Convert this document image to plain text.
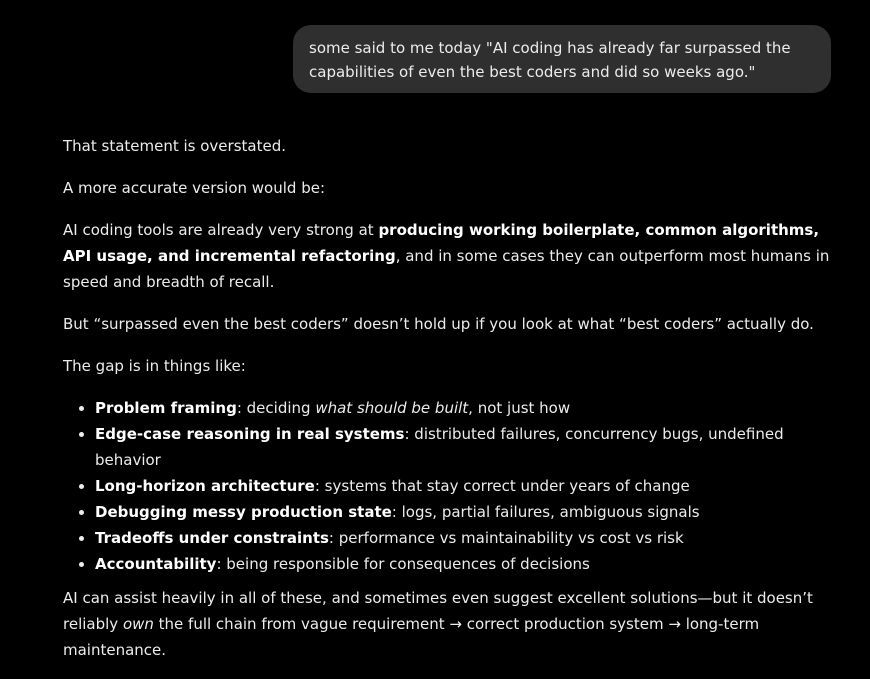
some said to me today "AI coding has already far surpassed the capabilities of even the best coders and did so weeks ago."

That statement is overstated.

A more accurate version would be:

AI coding tools are already very strong at producing working boilerplate, common algorithms, API usage, and incremental refactoring, and in some cases they can outperform most humans in speed and breadth of recall.

But “surpassed even the best coders” doesn’t hold up if you look at what “best coders” actually do.

The gap is in things like:

• Problem framing: deciding what should be built, not just how
• Edge-case reasoning in real systems: distributed failures, concurrency bugs, undefined behavior
• Long-horizon architecture: systems that stay correct under years of change
• Debugging messy production state: logs, partial failures, ambiguous signals
• Tradeoffs under constraints: performance vs maintainability vs cost vs risk
• Accountability: being responsible for consequences of decisions

AI can assist heavily in all of these, and sometimes even suggest excellent solutions—but it doesn’t reliably own the full chain from vague requirement → correct production system → long-term maintenance.
